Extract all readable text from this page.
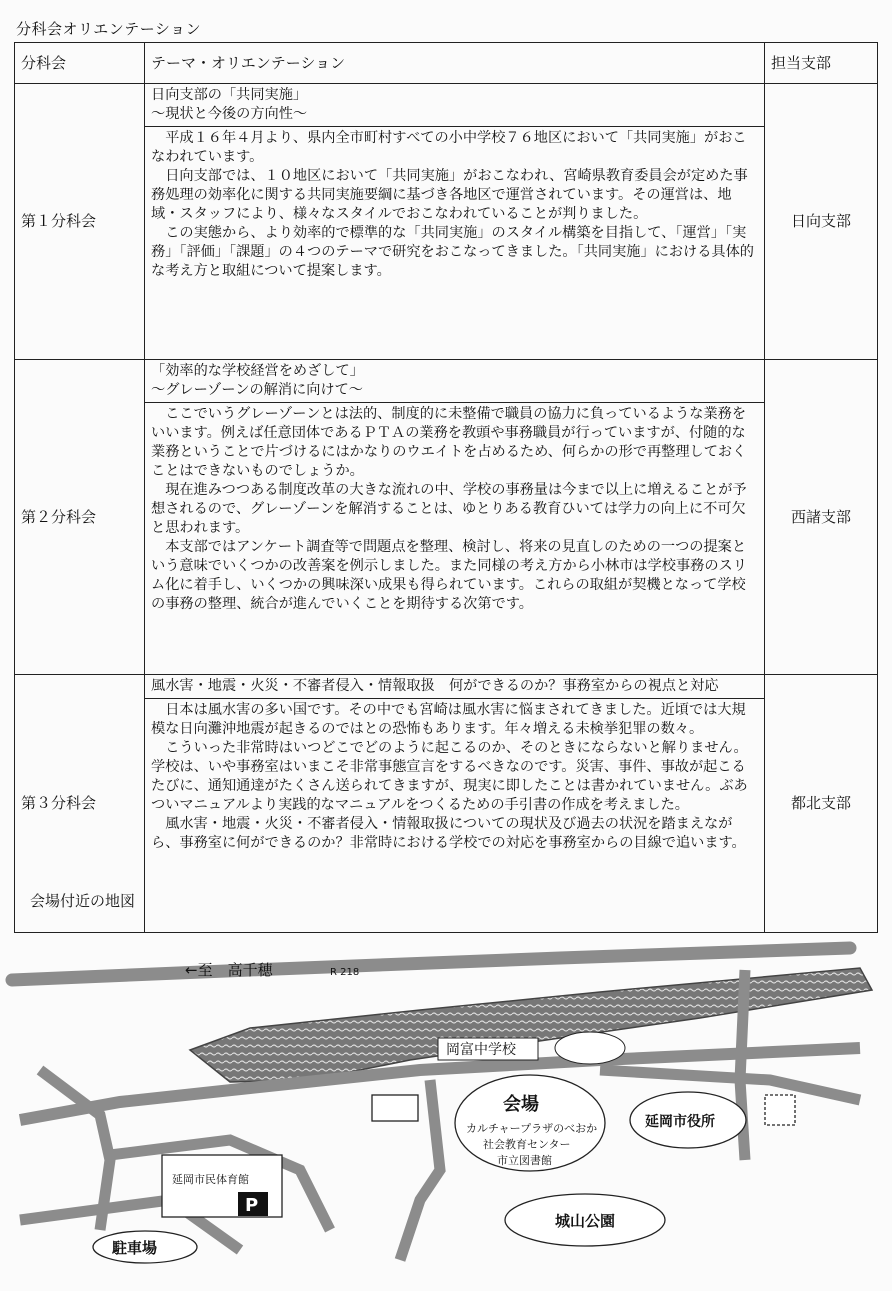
分科会オリエンテーション
分科会	テーマ・オリエンテーション	担当支部
第１分科会	日向支部の「共同実施」
～現状と今後の方向性～

平成１６年４月より、県内全市町村すべての小中学校７６地区において「共同実施」がおこなわれています。

日向支部では、１０地区において「共同実施」がおこなわれ、宮崎県教育委員会が定めた事務処理の効率化に関する共同実施要綱に基づき各地区で運営されています。その運営は、地域・スタッフにより、様々なスタイルでおこなわれていることが判りました。

この実態から、より効率的で標準的な「共同実施」のスタイル構築を目指して、「運営」「実務」「評価」「課題」の４つのテーマで研究をおこなってきました。「共同実施」における具体的な考え方と取組について提案します。	日向支部
第２分科会	「効率的な学校経営をめざして」
～グレーゾーンの解消に向けて～

ここでいうグレーゾーンとは法的、制度的に未整備で職員の協力に負っているような業務をいいます。例えば任意団体であるＰＴＡの業務を教頭や事務職員が行っていますが、付随的な業務ということで片づけるにはかなりのウエイトを占めるため、何らかの形で再整理しておくことはできないものでしょうか。

現在進みつつある制度改革の大きな流れの中、学校の事務量は今まで以上に増えることが予想されるので、グレーゾーンを解消することは、ゆとりある教育ひいては学力の向上に不可欠と思われます。

本支部ではアンケート調査等で問題点を整理、検討し、将来の見直しのための一つの提案という意味でいくつかの改善案を例示しました。また同様の考え方から小林市は学校事務のスリム化に着手し、いくつかの興味深い成果も得られています。これらの取組が契機となって学校の事務の整理、統合が進んでいくことを期待する次第です。	西諸支部
第３分科会	風水害・地震・火災・不審者侵入・情報取扱　何ができるのか？事務室からの視点と対応

日本は風水害の多い国です。その中でも宮崎は風水害に悩まされてきました。近頃では大規模な日向灘沖地震が起きるのではとの恐怖もあります。年々増える未検挙犯罪の数々。

こういった非常時はいつどこでどのように起こるのか、そのときにならないと解りません。学校は、いや事務室はいまこそ非常事態宣言をするべきなのです。災害、事件、事故が起こるたびに、通知通達がたくさん送られてきますが、現実に即したことは書かれていません。ぶあついマニュアルより実践的なマニュアルをつくるための手引書の作成を考えました。

風水害・地震・火災・不審者侵入・情報取扱についての現状及び過去の状況を踏まえながら、事務室に何ができるのか？非常時における学校での対応を事務室からの目線で追います。	都北支部
会場付近の地図
←至　高千穂	R 218
岡富中学校
会場
カルチャープラザのべおか
社会教育センター
市立図書館
延岡市役所
延岡市民体育館
P
駐車場
城山公園
